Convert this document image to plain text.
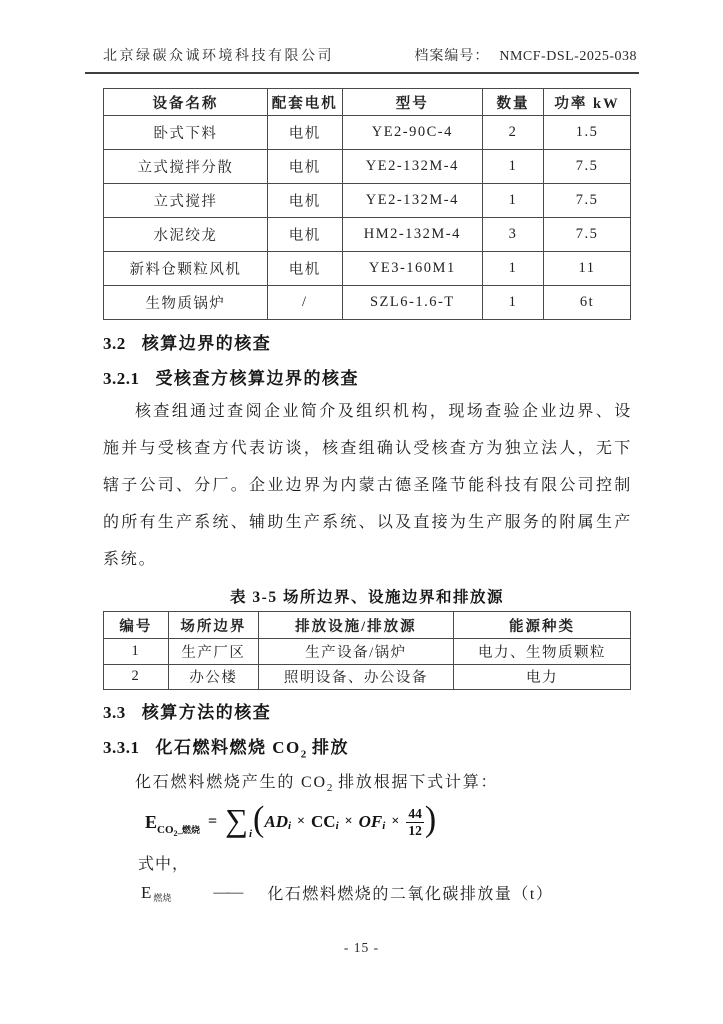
北京绿碳众诚环境科技有限公司	档案编号： NMCF-DSL-2025-038
设备名称	配套电机	型号	数量	功率 kW
卧式下料	电机	YE2-90C-4	2	1.5
立式搅拌分散	电机	YE2-132M-4	1	7.5
立式搅拌	电机	YE2-132M-4	1	7.5
水泥绞龙	电机	HM2-132M-4	3	7.5
新料仓颗粒风机	电机	YE3-160M1	1	11
生物质锅炉	/	SZL6-1.6-T	1	6t
3.2 核算边界的核查
3.2.1 受核查方核算边界的核查

核查组通过查阅企业简介及组织机构，现场查验企业边界、设施并与受核查方代表访谈，核查组确认受核查方为独立法人，无下辖子公司、分厂。企业边界为内蒙古德圣隆节能科技有限公司控制的所有生产系统、辅助生产系统、以及直接为生产服务的附属生产系统。

表 3-5 场所边界、设施边界和排放源
编号	场所边界	排放设施/排放源	能源种类
1	生产厂区	生产设备/锅炉	电力、生物质颗粒
2	办公楼	照明设备、办公设备	电力
3.3 核算方法的核查
3.3.1 化石燃料燃烧 $CO_2$ 排放

化石燃料燃烧产生的 $CO_2$ 排放根据下式计算：

E $CO_2\_$燃烧 = ∑ i ( AD i × CC i × OF $i \times \frac{44}{12}$ )
式中，
E 燃烧	—— 化石燃料燃烧的二氧化碳排放量（t）
- 15 -
